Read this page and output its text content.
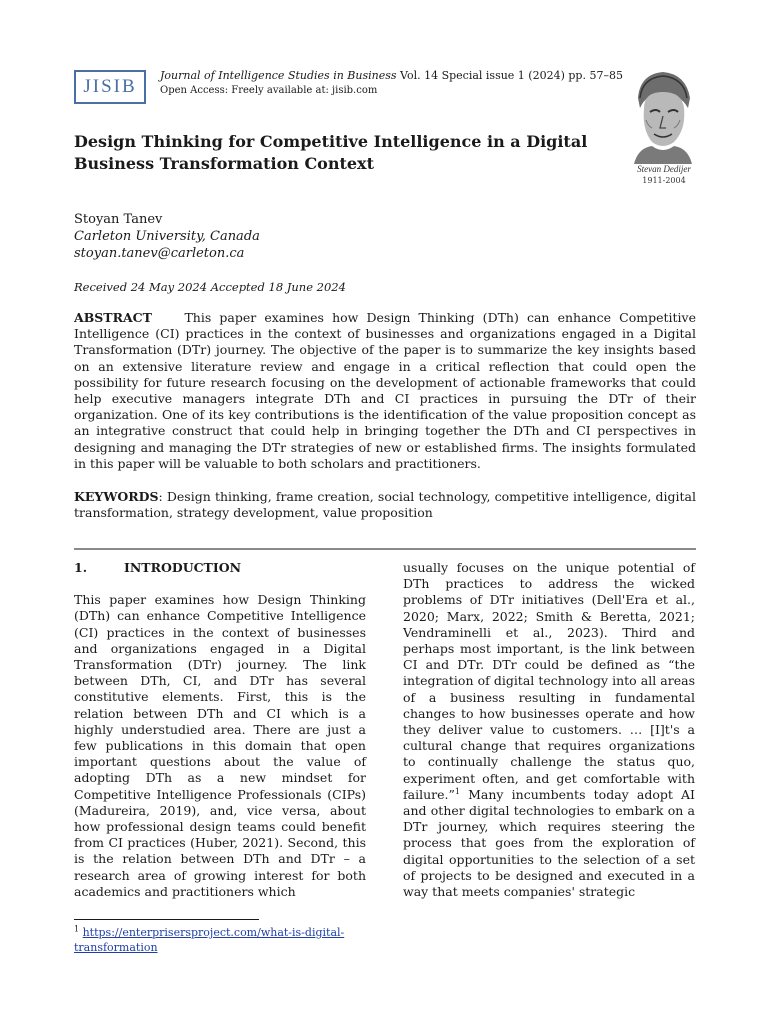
JISIB
Journal of Intelligence Studies in Business Vol. 14 Special issue 1 (2024) pp. 57–85
Open Access: Freely available at: jisib.com
Stevan Dedijer
1911-2004
Design Thinking for Competitive Intelligence in a Digital Business Transformation Context
Stoyan Tanev
Carleton University, Canada
stoyan.tanev@carleton.ca
Received 24 May 2024 Accepted 18 June 2024
ABSTRACT	This paper examines how Design Thinking (DTh) can enhance Competitive Intelligence (CI) practices in the context of businesses and organizations engaged in a Digital Transformation (DTr) journey. The objective of the paper is to summarize the key insights based on an extensive literature review and engage in a critical reflection that could open the possibility for future research focusing on the development of actionable frameworks that could help executive managers integrate DTh and CI practices in pursuing the DTr of their organization. One of its key contributions is the identification of the value proposition concept as an integrative construct that could help in bringing together the DTh and CI perspectives in designing and managing the DTr strategies of new or established firms. The insights formulated in this paper will be valuable to both scholars and practitioners.
KEYWORDS: Design thinking, frame creation, social technology, competitive intelligence, digital transformation, strategy development, value proposition
1.	INTRODUCTION
This paper examines how Design Thinking (DTh) can enhance Competitive Intelligence (CI) practices in the context of businesses and organizations engaged in a Digital Transformation (DTr) journey. The link between DTh, CI, and DTr has several constitutive elements. First, this is the relation between DTh and CI which is a highly understudied area. There are just a few publications in this domain that open important questions about the value of adopting DTh as a new mindset for Competitive Intelligence Professionals (CIPs) (Madureira, 2019), and, vice versa, about how professional design teams could benefit from CI practices (Huber, 2021). Second, this is the relation between DTh and DTr – a research area of growing interest for both academics and practitioners which
usually focuses on the unique potential of DTh practices to address the wicked problems of DTr initiatives (Dell'Era et al., 2020; Marx, 2022; Smith & Beretta, 2021; Vendraminelli et al., 2023). Third and perhaps most important, is the link between CI and DTr. DTr could be defined as “the integration of digital technology into all areas of a business resulting in fundamental changes to how businesses operate and how they deliver value to customers. … [I]t's a cultural change that requires organizations to continually challenge the status quo, experiment often, and get comfortable with failure.”$^1$ Many incumbents today adopt AI and other digital technologies to embark on a DTr journey, which requires steering the process that goes from the exploration of digital opportunities to the selection of a set of projects to be designed and executed in a way that meets companies' strategic
$^1$ https://enterprisersproject.com/what-is-digital-transformation
